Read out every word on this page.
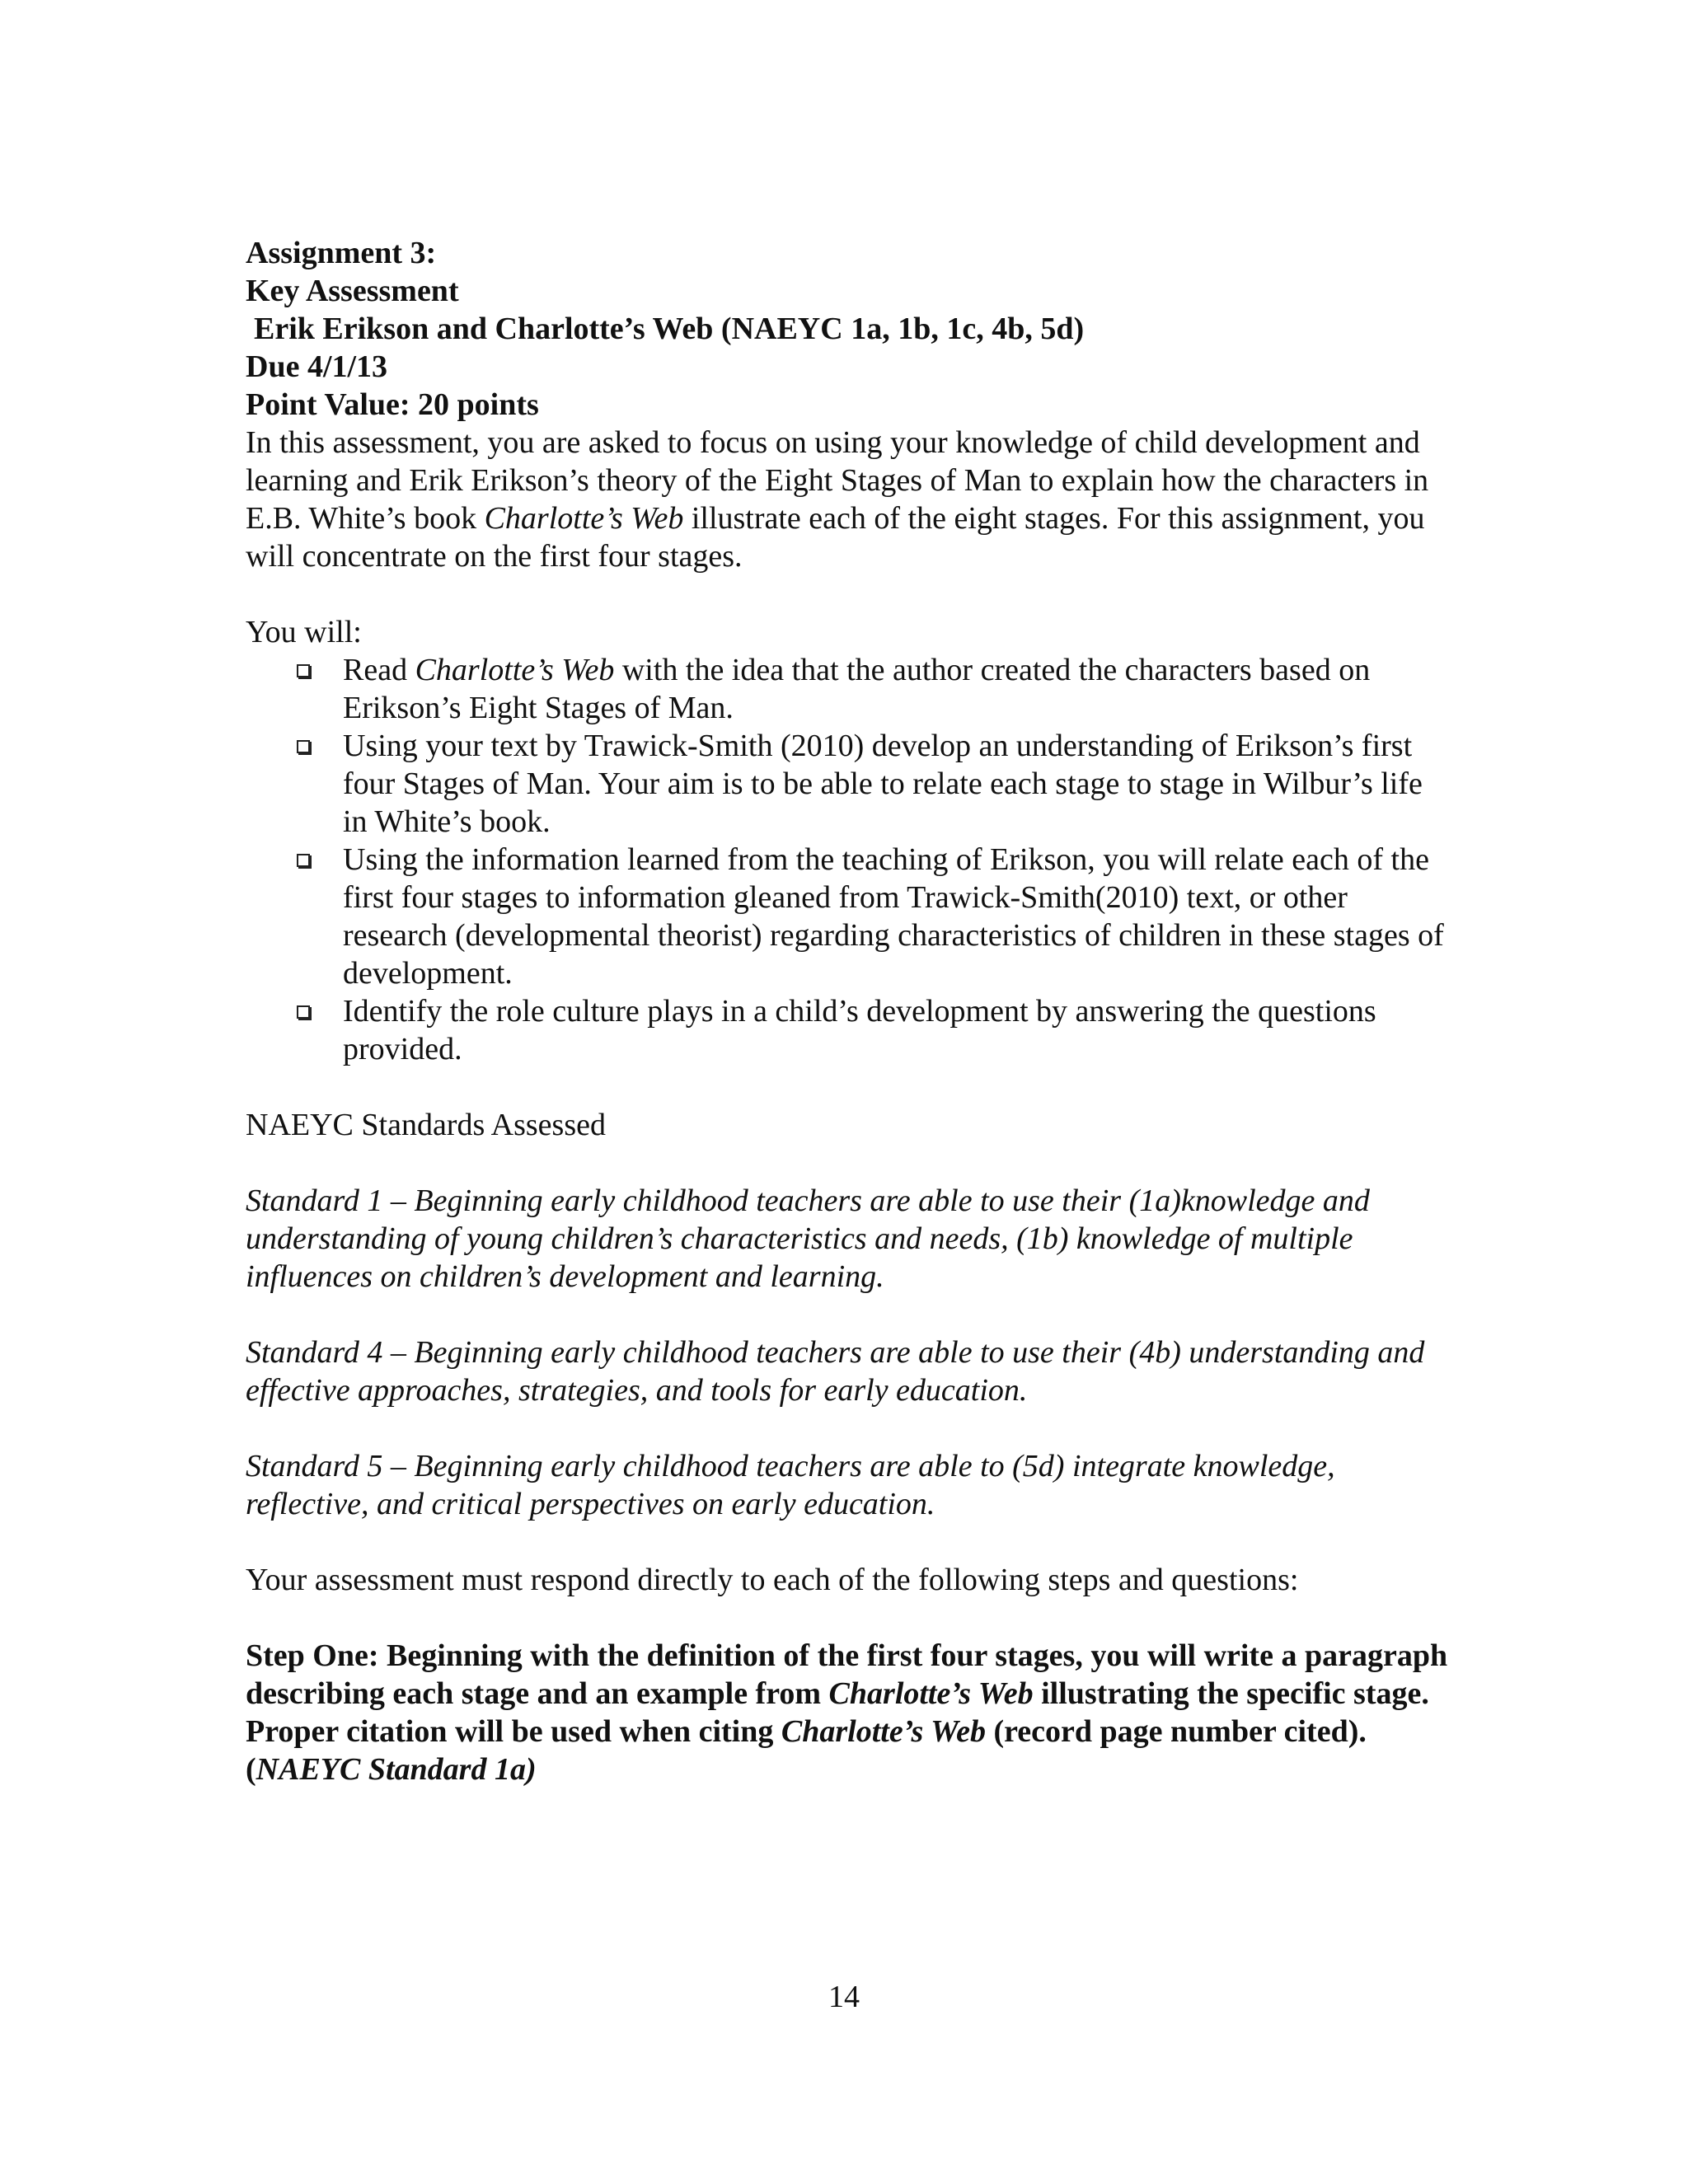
Assignment 3:
Key Assessment
Erik Erikson and Charlotte’s Web (NAEYC 1a, 1b, 1c, 4b, 5d)
Due 4/1/13
Point Value: 20 points

In this assessment, you are asked to focus on using your knowledge of child development and learning and Erik Erikson’s theory of the Eight Stages of Man to explain how the characters in E.B. White’s book Charlotte’s Web illustrate each of the eight stages. For this assignment, you will concentrate on the first four stages.

You will:

Read Charlotte’s Web with the idea that the author created the characters based on Erikson’s Eight Stages of Man.
Using your text by Trawick-Smith (2010) develop an understanding of Erikson’s first four Stages of Man. Your aim is to be able to relate each stage to stage in Wilbur’s life in White’s book.
Using the information learned from the teaching of Erikson, you will relate each of the first four stages to information gleaned from Trawick-Smith(2010) text, or other research (developmental theorist) regarding characteristics of children in these stages of development.
Identify the role culture plays in a child’s development by answering the questions provided.

NAEYC Standards Assessed

Standard 1 – Beginning early childhood teachers are able to use their (1a)knowledge and understanding of young children’s characteristics and needs, (1b) knowledge of multiple influences on children’s development and learning.

Standard 4 – Beginning early childhood teachers are able to use their (4b) understanding and effective approaches, strategies, and tools for early education.

Standard 5 – Beginning early childhood teachers are able to (5d) integrate knowledge, reflective, and critical perspectives on early education.

Your assessment must respond directly to each of the following steps and questions:

Step One: Beginning with the definition of the first four stages, you will write a paragraph describing each stage and an example from Charlotte’s Web illustrating the specific stage. Proper citation will be used when citing Charlotte’s Web (record page number cited). (NAEYC Standard 1a)

14
